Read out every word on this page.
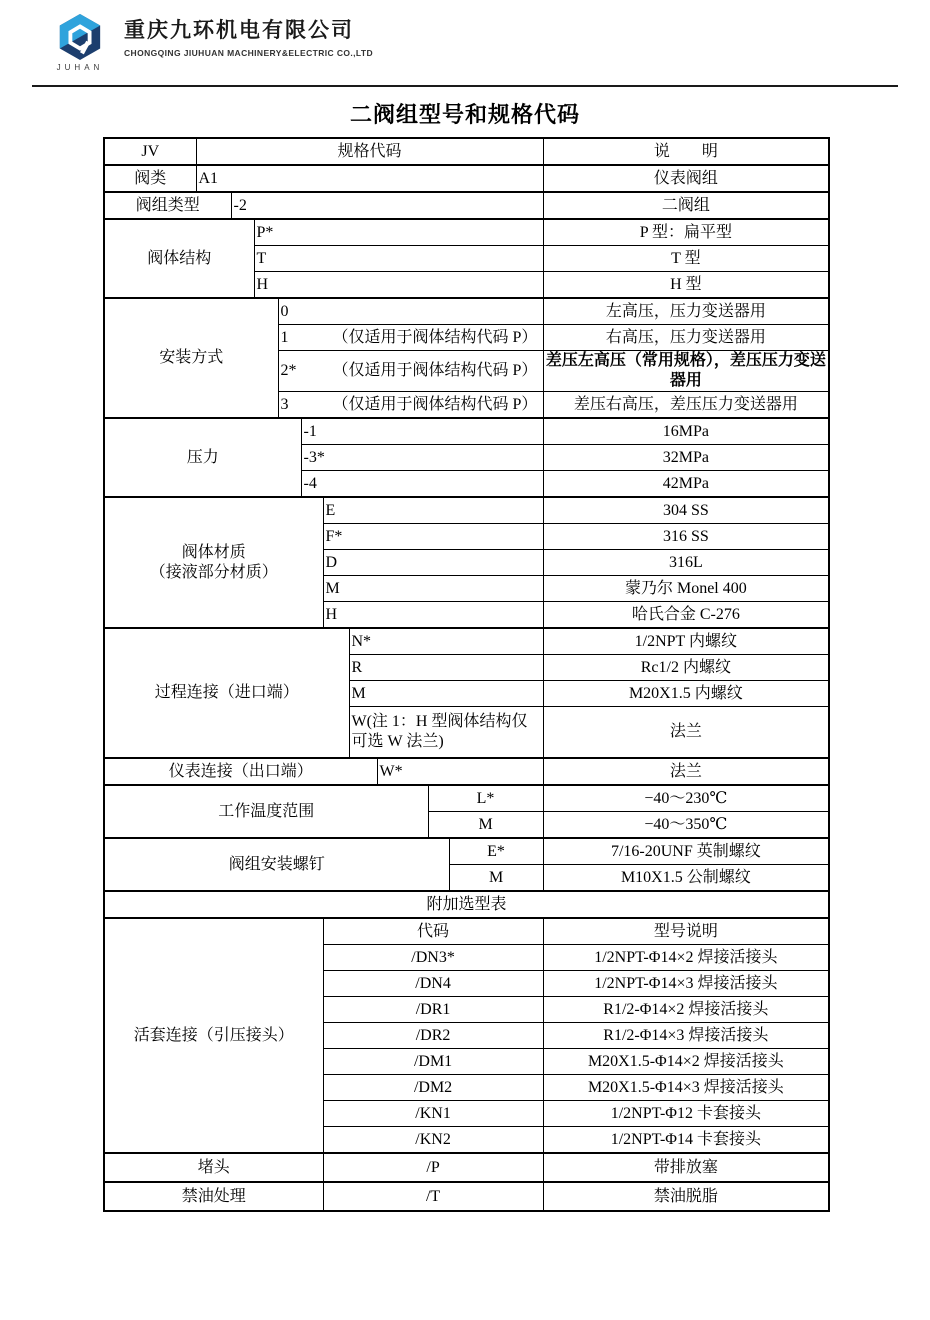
JUHAN
重庆九环机电有限公司
CHONGQING JIUHUAN MACHINERY&ELECTRIC CO.,LTD
二阀组型号和规格代码
JV	规格代码										说　　明
阀类	A1										仪表阀组
阀组类型		-2									二阀组
阀体结构			P*								P 型：扁平型
			T								T 型
			H								H 型
安装方式				0							左高压，压力变送器用
				1 （仅适用于阀体结构代码 P）							右高压，压力变送器用
				2* （仅适用于阀体结构代码 P）							差压左高压（常用规格），差压压力变送器用
				3 （仅适用于阀体结构代码 P）							差压右高压，差压压力变送器用
压力					-1						16MPa
					-3*						32MPa
					-4						42MPa

阀体材质
（接液部分材质）						E					304 SS
						F*					316 SS
						D					316L
						M					蒙乃尔 Monel 400
						H					哈氏合金 C-276
过程连接（进口端）							N*				1/2NPT 内螺纹
							R				Rc1/2 内螺纹
							M				M20X1.5 内螺纹
							W(注 1：H 型阀体结构仅可选 W 法兰)				法兰
仪表连接（出口端）								W*			法兰
工作温度范围									L*		−40～230℃
									M		−40～350℃
阀组安装螺钉										E*	7/16-20UNF 英制螺纹
										M	M10X1.5 公制螺纹
附加选型表											
活套连接（引压接头）						代码					型号说明
						/DN3*					1/2NPT-Φ14×2 焊接活接头
						/DN4					1/2NPT-Φ14×3 焊接活接头
						/DR1					R1/2-Φ14×2 焊接活接头
						/DR2					R1/2-Φ14×3 焊接活接头
						/DM1					M20X1.5-Φ14×2 焊接活接头
						/DM2					M20X1.5-Φ14×3 焊接活接头
						/KN1					1/2NPT-Φ12 卡套接头
						/KN2					1/2NPT-Φ14 卡套接头
堵头						/P					带排放塞
禁油处理						/T					禁油脱脂
